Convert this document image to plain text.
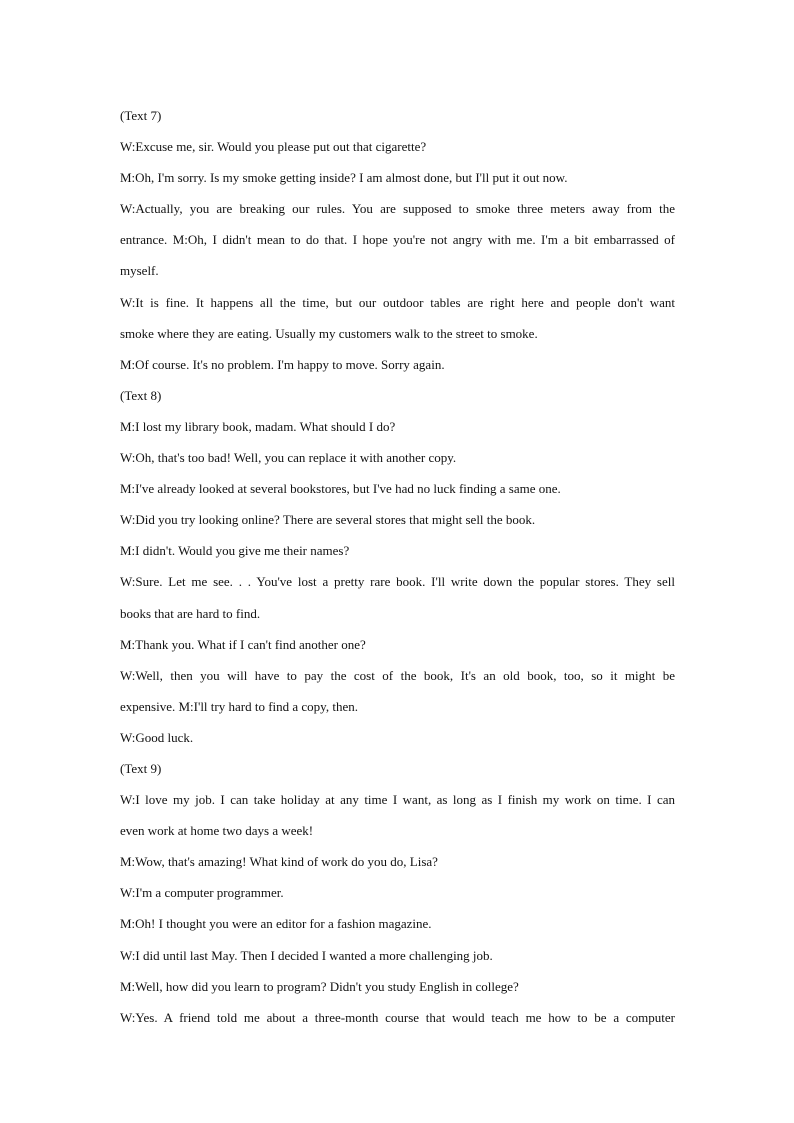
(Text 7)
W:Excuse me, sir. Would you please put out that cigarette?
M:Oh, I'm sorry. Is my smoke getting inside? I am almost done, but I'll put it out now.
W:Actually, you are breaking our rules. You are supposed to smoke three meters away from the
entrance. M:Oh, I didn't mean to do that. I hope you're not angry with me. I'm a bit embarrassed of
myself.
W:It is fine. It happens all the time, but our outdoor tables are right here and people don't want
smoke where they are eating. Usually my customers walk to the street to smoke.
M:Of course. It's no problem. I'm happy to move. Sorry again.
(Text 8)
M:I lost my library book, madam. What should I do?
W:Oh, that's too bad! Well, you can replace it with another copy.
M:I've already looked at several bookstores, but I've had no luck finding a same one.
W:Did you try looking online? There are several stores that might sell the book.
M:I didn't. Would you give me their names?
W:Sure. Let me see. . . You've lost a pretty rare book. I'll write down the popular stores. They sell
books that are hard to find.
M:Thank you. What if I can't find another one?
W:Well, then you will have to pay the cost of the book, It's an old book, too, so it might be
expensive. M:I'll try hard to find a copy, then.
W:Good luck.
(Text 9)
W:I love my job. I can take holiday at any time I want, as long as I finish my work on time. I can
even work at home two days a week!
M:Wow, that's amazing! What kind of work do you do, Lisa?
W:I'm a computer programmer.
M:Oh! I thought you were an editor for a fashion magazine.
W:I did until last May. Then I decided I wanted a more challenging job.
M:Well, how did you learn to program? Didn't you study English in college?
W:Yes. A friend told me about a three-month course that would teach me how to be a computer
